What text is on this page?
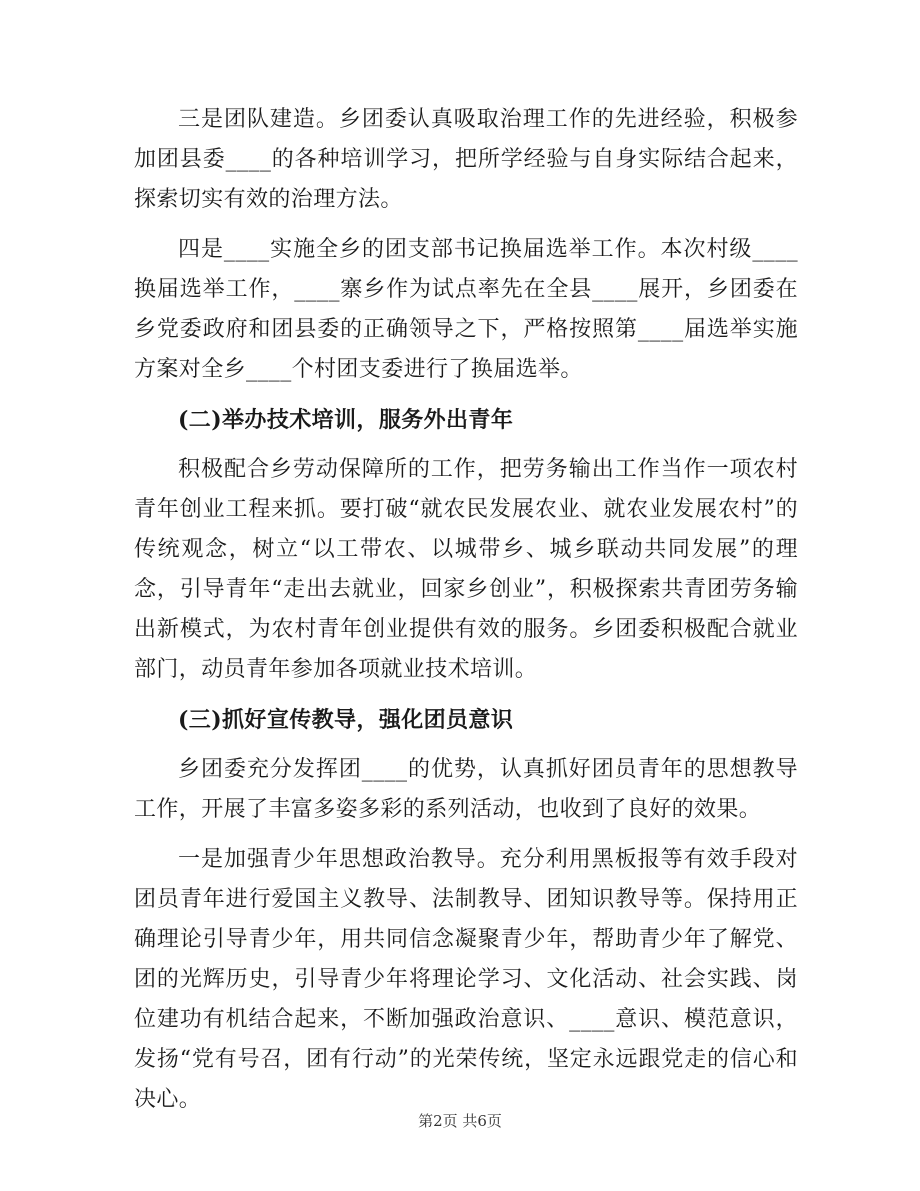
三是团队建造。乡团委认真吸取治理工作的先进经验，积极参加团县委____的各种培训学习，把所学经验与自身实际结合起来，探索切实有效的治理方法。

四是____实施全乡的团支部书记换届选举工作。本次村级____换届选举工作，____寨乡作为试点率先在全县____展开，乡团委在乡党委政府和团县委的正确领导之下，严格按照第____届选举实施方案对全乡____个村团支委进行了换届选举。

(二)举办技术培训，服务外出青年

积极配合乡劳动保障所的工作，把劳务输出工作当作一项农村青年创业工程来抓。要打破“就农民发展农业、就农业发展农村”的传统观念，树立“以工带农、以城带乡、城乡联动共同发展”的理念，引导青年“走出去就业，回家乡创业”，积极探索共青团劳务输出新模式，为农村青年创业提供有效的服务。乡团委积极配合就业部门，动员青年参加各项就业技术培训。

(三)抓好宣传教导，强化团员意识

乡团委充分发挥团____的优势，认真抓好团员青年的思想教导工作，开展了丰富多姿多彩的系列活动，也收到了良好的效果。

一是加强青少年思想政治教导。充分利用黑板报等有效手段对团员青年进行爱国主义教导、法制教导、团知识教导等。保持用正确理论引导青少年，用共同信念凝聚青少年，帮助青少年了解党、团的光辉历史，引导青少年将理论学习、文化活动、社会实践、岗位建功有机结合起来，不断加强政治意识、____意识、模范意识，发扬“党有号召，团有行动”的光荣传统，坚定永远跟党走的信心和决心。

第2页 共6页
